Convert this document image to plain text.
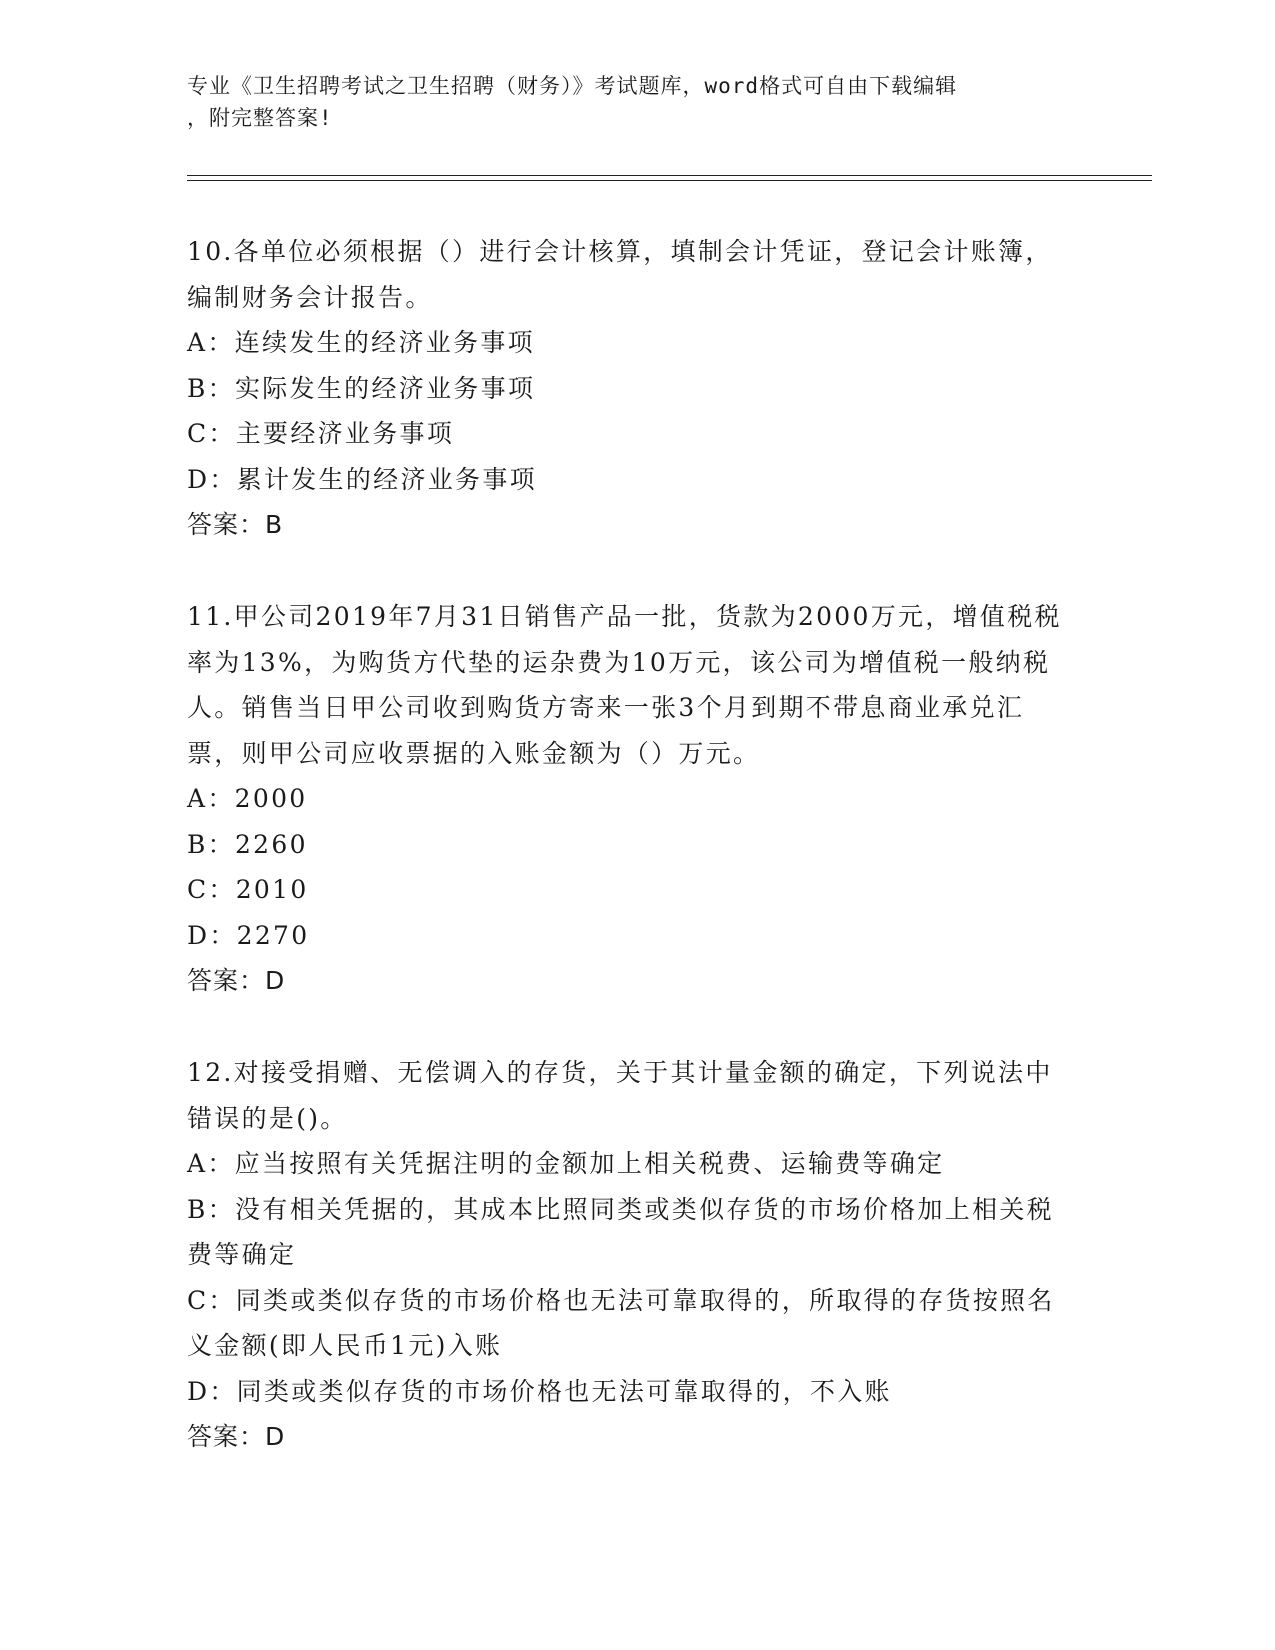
专业《卫生招聘考试之卫生招聘（财务）》考试题库，word格式可自由下载编辑
，附完整答案!
10.各单位必须根据（）进行会计核算，填制会计凭证，登记会计账簿，编制财务会计报告。
A：连续发生的经济业务事项
B：实际发生的经济业务事项
C：主要经济业务事项
D：累计发生的经济业务事项
答案：B
11.甲公司2019年7月31日销售产品一批，货款为2000万元，增值税税率为13%，为购货方代垫的运杂费为10万元，该公司为增值税一般纳税人。销售当日甲公司收到购货方寄来一张3个月到期不带息商业承兑汇票，则甲公司应收票据的入账金额为（）万元。
A：2000
B：2260
C：2010
D：2270
答案：D
12.对接受捐赠、无偿调入的存货，关于其计量金额的确定，下列说法中错误的是()。
A：应当按照有关凭据注明的金额加上相关税费、运输费等确定
B：没有相关凭据的，其成本比照同类或类似存货的市场价格加上相关税费等确定
C：同类或类似存货的市场价格也无法可靠取得的，所取得的存货按照名义金额(即人民币1元)入账
D：同类或类似存货的市场价格也无法可靠取得的，不入账
答案：D
